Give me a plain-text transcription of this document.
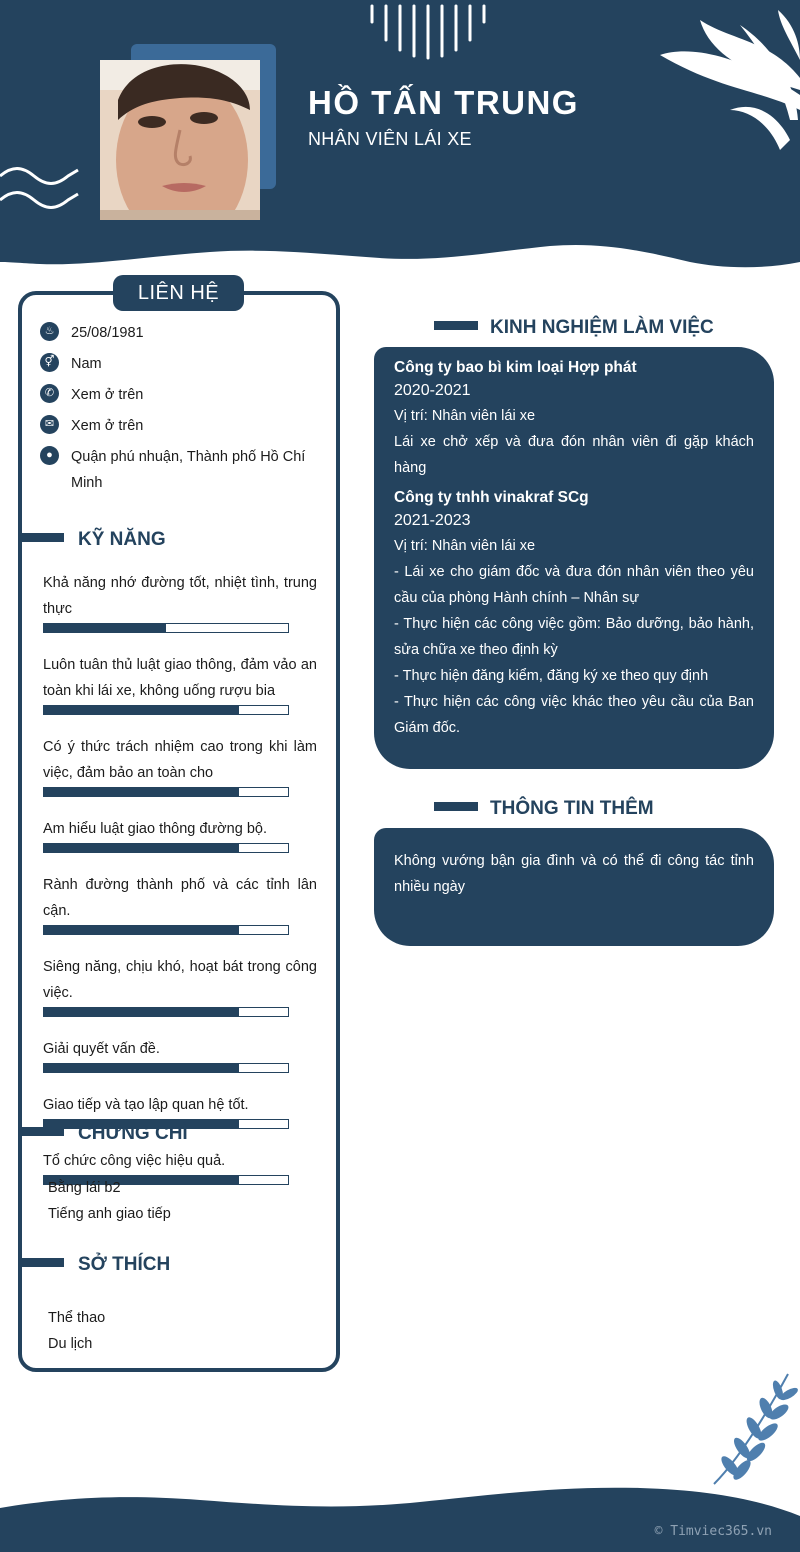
HỒ TẤN TRUNG
NHÂN VIÊN LÁI XE
LIÊN HỆ
♨	25/08/1981
⚥	Nam
✆	Xem ở trên
✉	Xem ở trên
●	Quận phú nhuận, Thành phố Hồ Chí Minh
KỸ NĂNG
Khả năng nhớ đường tốt, nhiệt tình, trung thực
Luôn tuân thủ luật giao thông, đảm vảo an toàn khi lái xe, không uống rượu bia
Có ý thức trách nhiệm cao trong khi làm việc, đảm bảo an toàn cho
Am hiểu luật giao thông đường bộ.
Rành đường thành phố và các tỉnh lân cận.
Siêng năng, chịu khó, hoạt bát trong công việc.
Giải quyết vấn đề.
Giao tiếp và tạo lập quan hệ tốt.
Tổ chức công việc hiệu quả.
CHỨNG CHỈ
Bằng lái b2
Tiếng anh giao tiếp
SỞ THÍCH
Thể thao
Du lịch
KINH NGHIỆM LÀM VIỆC
Công ty bao bì kim loại Hợp phát
2020-2021
Vị trí: Nhân viên lái xe
Lái xe chở xếp và đưa đón nhân viên đi gặp khách hàng
Công ty tnhh vinakraf SCg
2021-2023
Vị trí: Nhân viên lái xe
- Lái xe cho giám đốc và đưa đón nhân viên theo yêu cầu của phòng Hành chính – Nhân sự
- Thực hiện các công việc gồm: Bảo dưỡng, bảo hành, sửa chữa xe theo định kỳ
- Thực hiện đăng kiểm, đăng ký xe theo quy định
- Thực hiện các công việc khác theo yêu cầu của Ban Giám đốc.
THÔNG TIN THÊM
Không vướng bận gia đình và có thể đi công tác tỉnh nhiều ngày
© Timviec365.vn
